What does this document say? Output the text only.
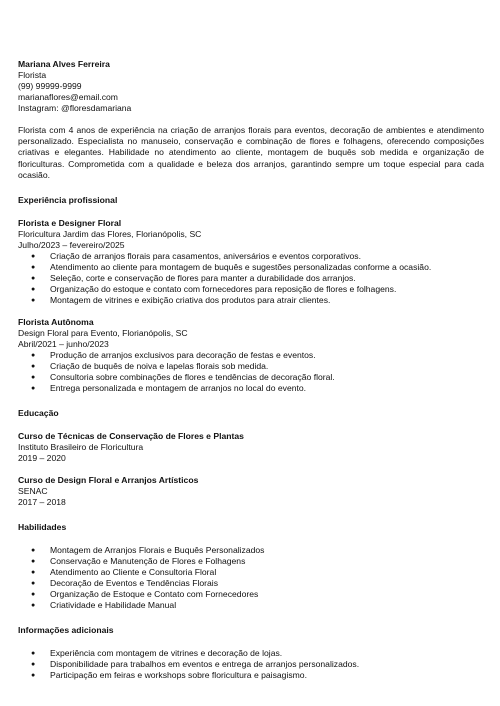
Mariana Alves Ferreira
Florista
(99) 99999-9999
marianaflores@email.com
Instagram: @floresdamariana

Florista com 4 anos de experiência na criação de arranjos florais para eventos, decoração de ambientes e atendimento personalizado. Especialista no manuseio, conservação e combinação de flores e folhagens, oferecendo composições criativas e elegantes. Habilidade no atendimento ao cliente, montagem de buquês sob medida e organização de floriculturas. Comprometida com a qualidade e beleza dos arranjos, garantindo sempre um toque especial para cada ocasião.

Experiência profissional
Florista e Designer Floral
Floricultura Jardim das Flores, Florianópolis, SC
Julho/2023 – fevereiro/2025
● Criação de arranjos florais para casamentos, aniversários e eventos corporativos.
● Atendimento ao cliente para montagem de buquês e sugestões personalizadas conforme a ocasião.
● Seleção, corte e conservação de flores para manter a durabilidade dos arranjos.
● Organização do estoque e contato com fornecedores para reposição de flores e folhagens.
● Montagem de vitrines e exibição criativa dos produtos para atrair clientes.
Florista Autônoma
Design Floral para Evento, Florianópolis, SC
Abril/2021 – junho/2023
● Produção de arranjos exclusivos para decoração de festas e eventos.
● Criação de buquês de noiva e lapelas florais sob medida.
● Consultoria sobre combinações de flores e tendências de decoração floral.
● Entrega personalizada e montagem de arranjos no local do evento.
Educação
Curso de Técnicas de Conservação de Flores e Plantas
Instituto Brasileiro de Floricultura
2019 – 2020
Curso de Design Floral e Arranjos Artísticos
SENAC
2017 – 2018
Habilidades
● Montagem de Arranjos Florais e Buquês Personalizados
● Conservação e Manutenção de Flores e Folhagens
● Atendimento ao Cliente e Consultoria Floral
● Decoração de Eventos e Tendências Florais
● Organização de Estoque e Contato com Fornecedores
● Criatividade e Habilidade Manual
Informações adicionais
● Experiência com montagem de vitrines e decoração de lojas.
● Disponibilidade para trabalhos em eventos e entrega de arranjos personalizados.
● Participação em feiras e workshops sobre floricultura e paisagismo.
